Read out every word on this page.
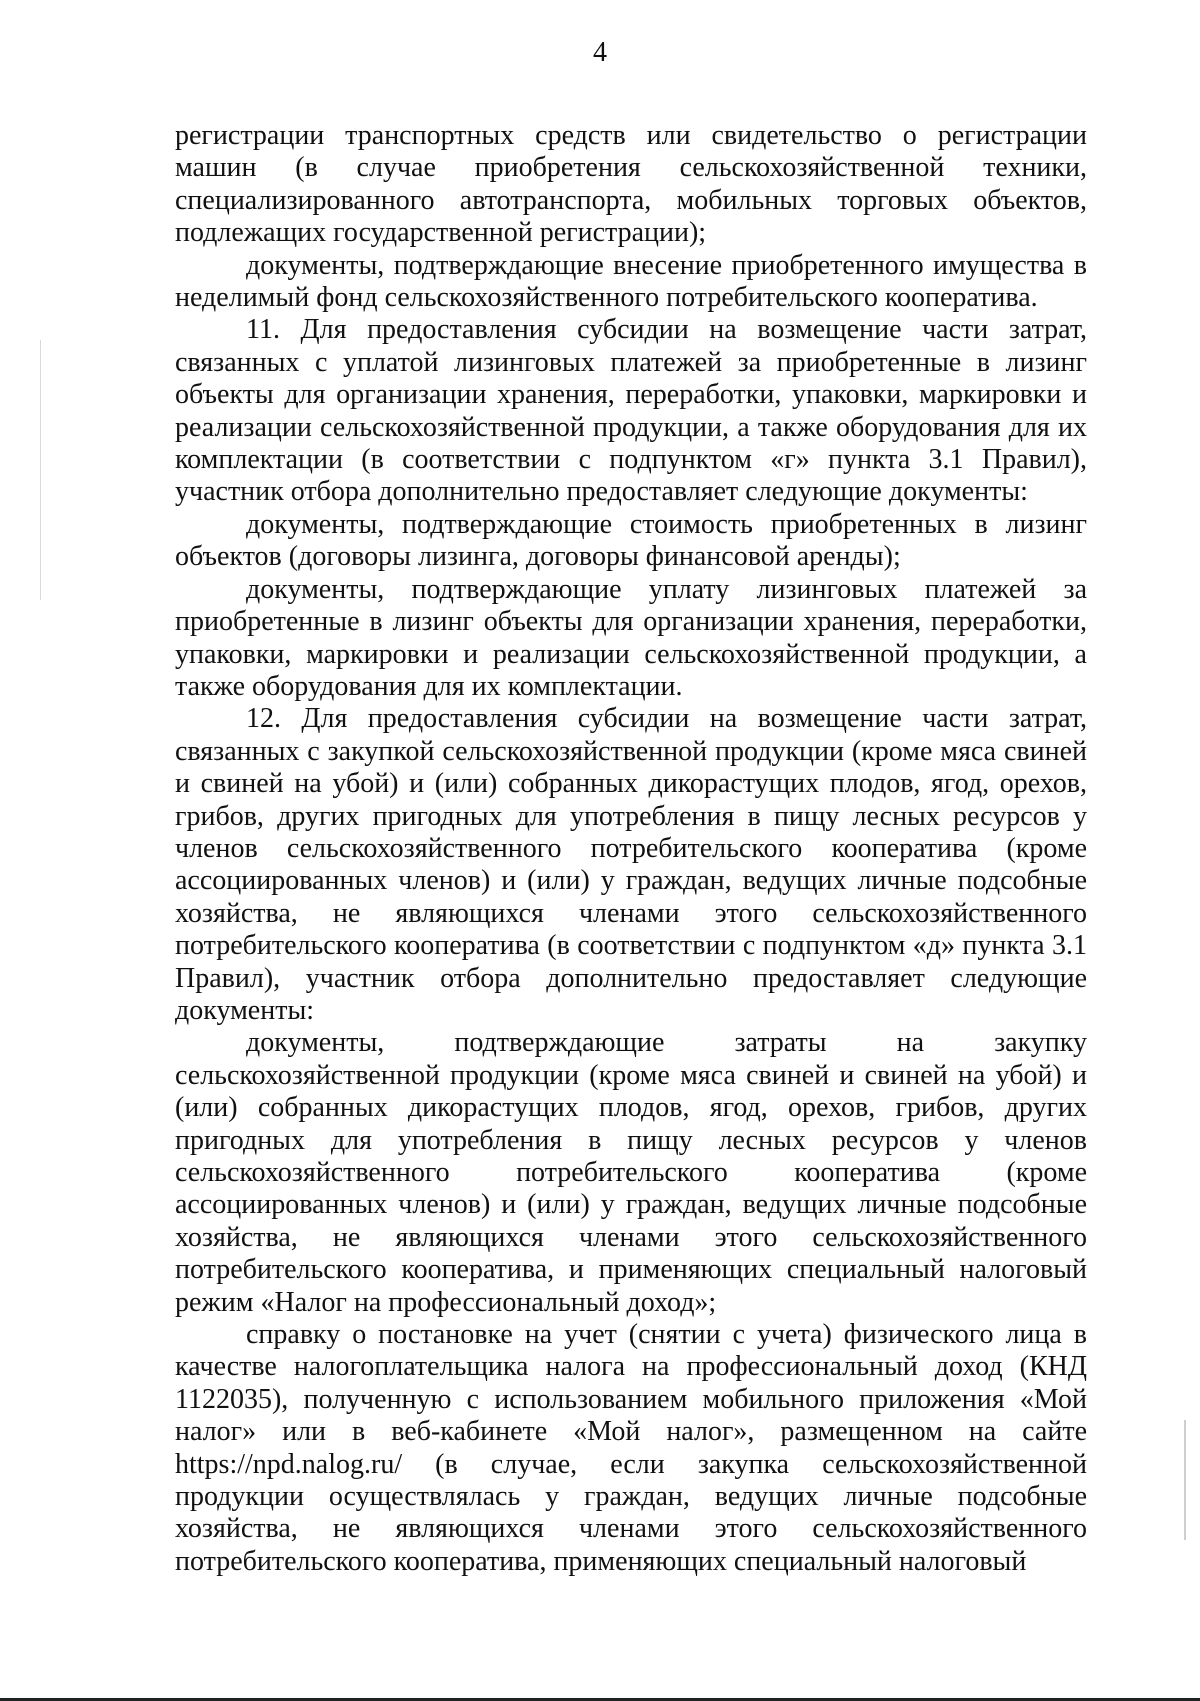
4

регистрации транспортных средств или свидетельство о регистрации машин (в случае приобретения сельскохозяйственной техники, специализированного автотранспорта, мобильных торговых объектов, подлежащих государственной регистрации);

документы, подтверждающие внесение приобретенного имущества в неделимый фонд сельскохозяйственного потребительского кооператива.

11. Для предоставления субсидии на возмещение части затрат, связанных с уплатой лизинговых платежей за приобретенные в лизинг объекты для организации хранения, переработки, упаковки, маркировки и реализации сельскохозяйственной продукции, а также оборудования для их комплектации (в соответствии с подпунктом «г» пункта 3.1 Правил), участник отбора дополнительно предоставляет следующие документы:

документы, подтверждающие стоимость приобретенных в лизинг объектов (договоры лизинга, договоры финансовой аренды);

документы, подтверждающие уплату лизинговых платежей за приобретенные в лизинг объекты для организации хранения, переработки, упаковки, маркировки и реализации сельскохозяйственной продукции, а также оборудования для их комплектации.

12. Для предоставления субсидии на возмещение части затрат, связанных с закупкой сельскохозяйственной продукции (кроме мяса свиней и свиней на убой) и (или) собранных дикорастущих плодов, ягод, орехов, грибов, других пригодных для употребления в пищу лесных ресурсов у членов сельскохозяйственного потребительского кооператива (кроме ассоциированных членов) и (или) у граждан, ведущих личные подсобные хозяйства, не являющихся членами этого сельскохозяйственного потребительского кооператива (в соответствии с подпунктом «д» пункта 3.1 Правил), участник отбора дополнительно предоставляет следующие документы:

документы, подтверждающие затраты на закупку сельскохозяйственной продукции (кроме мяса свиней и свиней на убой) и (или) собранных дикорастущих плодов, ягод, орехов, грибов, других пригодных для употребления в пищу лесных ресурсов у членов сельскохозяйственного потребительского кооператива (кроме ассоциированных членов) и (или) у граждан, ведущих личные подсобные хозяйства, не являющихся членами этого сельскохозяйственного потребительского кооператива, и применяющих специальный налоговый режим «Налог на профессиональный доход»;

справку о постановке на учет (снятии с учета) физического лица в качестве налогоплательщика налога на профессиональный доход (КНД 1122035), полученную с использованием мобильного приложения «Мой налог» или в веб-кабинете «Мой налог», размещенном на сайте https://npd.nalog.ru/ (в случае, если закупка сельскохозяйственной продукции осуществлялась у граждан, ведущих личные подсобные хозяйства, не являющихся членами этого сельскохозяйственного потребительского кооператива, применяющих специальный налоговый
